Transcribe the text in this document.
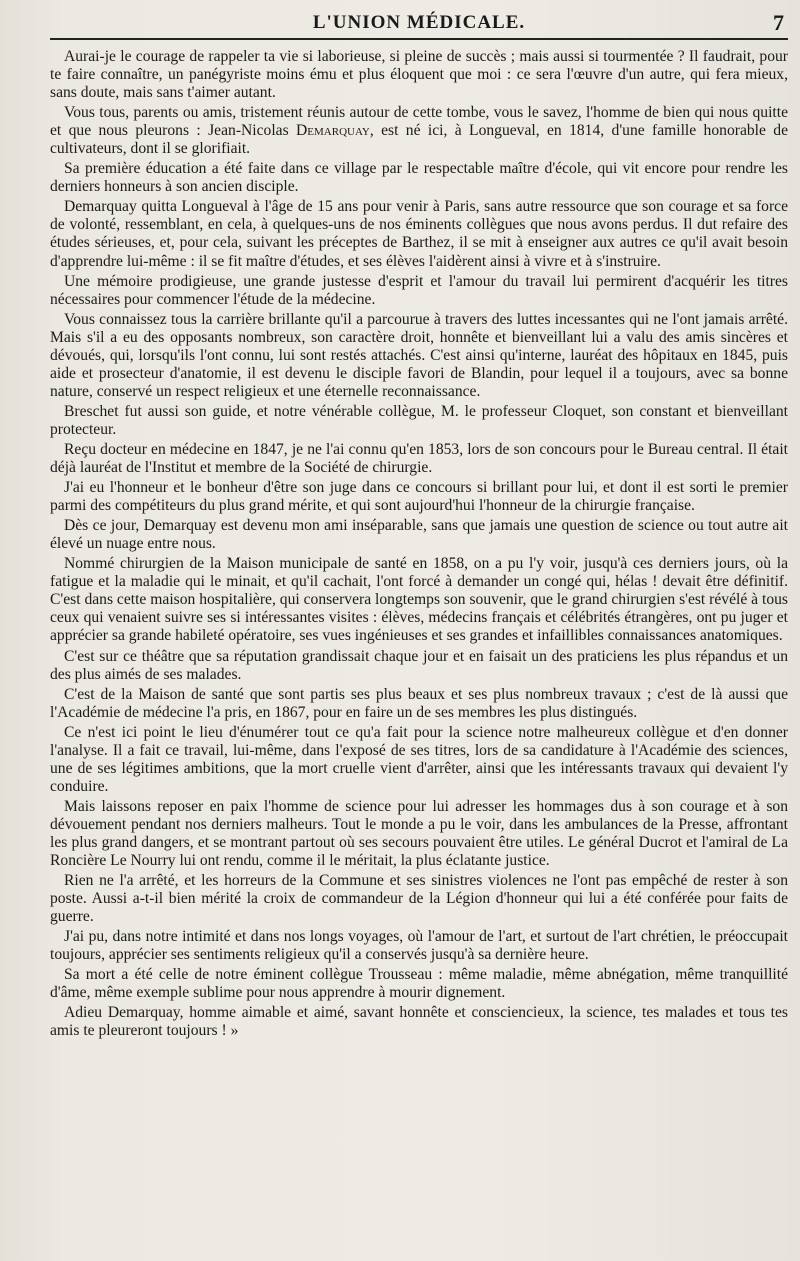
L'UNION MÉDICALE.	7

Aurai-je le courage de rappeler ta vie si laborieuse, si pleine de succès ; mais aussi si tourmentée ? Il faudrait, pour te faire connaître, un panégyriste moins ému et plus éloquent que moi : ce sera l'œuvre d'un autre, qui fera mieux, sans doute, mais sans t'aimer autant.

Vous tous, parents ou amis, tristement réunis autour de cette tombe, vous le savez, l'homme de bien qui nous quitte et que nous pleurons : Jean-Nicolas Demarquay, est né ici, à Longueval, en 1814, d'une famille honorable de cultivateurs, dont il se glorifiait.

Sa première éducation a été faite dans ce village par le respectable maître d'école, qui vit encore pour rendre les derniers honneurs à son ancien disciple.

Demarquay quitta Longueval à l'âge de 15 ans pour venir à Paris, sans autre ressource que son courage et sa force de volonté, ressemblant, en cela, à quelques-uns de nos éminents collègues que nous avons perdus. Il dut refaire des études sérieuses, et, pour cela, suivant les préceptes de Barthez, il se mit à enseigner aux autres ce qu'il avait besoin d'apprendre lui-même : il se fit maître d'études, et ses élèves l'aidèrent ainsi à vivre et à s'instruire.

Une mémoire prodigieuse, une grande justesse d'esprit et l'amour du travail lui permirent d'acquérir les titres nécessaires pour commencer l'étude de la médecine.

Vous connaissez tous la carrière brillante qu'il a parcourue à travers des luttes incessantes qui ne l'ont jamais arrêté. Mais s'il a eu des opposants nombreux, son caractère droit, honnête et bienveillant lui a valu des amis sincères et dévoués, qui, lorsqu'ils l'ont connu, lui sont restés attachés. C'est ainsi qu'interne, lauréat des hôpitaux en 1845, puis aide et prosecteur d'anatomie, il est devenu le disciple favori de Blandin, pour lequel il a toujours, avec sa bonne nature, conservé un respect religieux et une éternelle reconnaissance.

Breschet fut aussi son guide, et notre vénérable collègue, M. le professeur Cloquet, son constant et bienveillant protecteur.

Reçu docteur en médecine en 1847, je ne l'ai connu qu'en 1853, lors de son concours pour le Bureau central. Il était déjà lauréat de l'Institut et membre de la Société de chirurgie.

J'ai eu l'honneur et le bonheur d'être son juge dans ce concours si brillant pour lui, et dont il est sorti le premier parmi des compétiteurs du plus grand mérite, et qui sont aujourd'hui l'honneur de la chirurgie française.

Dès ce jour, Demarquay est devenu mon ami inséparable, sans que jamais une question de science ou tout autre ait élevé un nuage entre nous.

Nommé chirurgien de la Maison municipale de santé en 1858, on a pu l'y voir, jusqu'à ces derniers jours, où la fatigue et la maladie qui le minait, et qu'il cachait, l'ont forcé à demander un congé qui, hélas ! devait être définitif. C'est dans cette maison hospitalière, qui conservera longtemps son souvenir, que le grand chirurgien s'est révélé à tous ceux qui venaient suivre ses si intéressantes visites : élèves, médecins français et célébrités étrangères, ont pu juger et apprécier sa grande habileté opératoire, ses vues ingénieuses et ses grandes et infaillibles connaissances anatomiques.

C'est sur ce théâtre que sa réputation grandissait chaque jour et en faisait un des praticiens les plus répandus et un des plus aimés de ses malades.

C'est de la Maison de santé que sont partis ses plus beaux et ses plus nombreux travaux ; c'est de là aussi que l'Académie de médecine l'a pris, en 1867, pour en faire un de ses membres les plus distingués.

Ce n'est ici point le lieu d'énumérer tout ce qu'a fait pour la science notre malheureux collègue et d'en donner l'analyse. Il a fait ce travail, lui-même, dans l'exposé de ses titres, lors de sa candidature à l'Académie des sciences, une de ses légitimes ambitions, que la mort cruelle vient d'arrêter, ainsi que les intéressants travaux qui devaient l'y conduire.

Mais laissons reposer en paix l'homme de science pour lui adresser les hommages dus à son courage et à son dévouement pendant nos derniers malheurs. Tout le monde a pu le voir, dans les ambulances de la Presse, affrontant les plus grand dangers, et se montrant partout où ses secours pouvaient être utiles. Le général Ducrot et l'amiral de La Roncière Le Nourry lui ont rendu, comme il le méritait, la plus éclatante justice.

Rien ne l'a arrêté, et les horreurs de la Commune et ses sinistres violences ne l'ont pas empêché de rester à son poste. Aussi a-t-il bien mérité la croix de commandeur de la Légion d'honneur qui lui a été conférée pour faits de guerre.

J'ai pu, dans notre intimité et dans nos longs voyages, où l'amour de l'art, et surtout de l'art chrétien, le préoccupait toujours, apprécier ses sentiments religieux qu'il a conservés jusqu'à sa dernière heure.

Sa mort a été celle de notre éminent collègue Trousseau : même maladie, même abnégation, même tranquillité d'âme, même exemple sublime pour nous apprendre à mourir dignement.

Adieu Demarquay, homme aimable et aimé, savant honnête et consciencieux, la science, tes malades et tous tes amis te pleureront toujours ! »
